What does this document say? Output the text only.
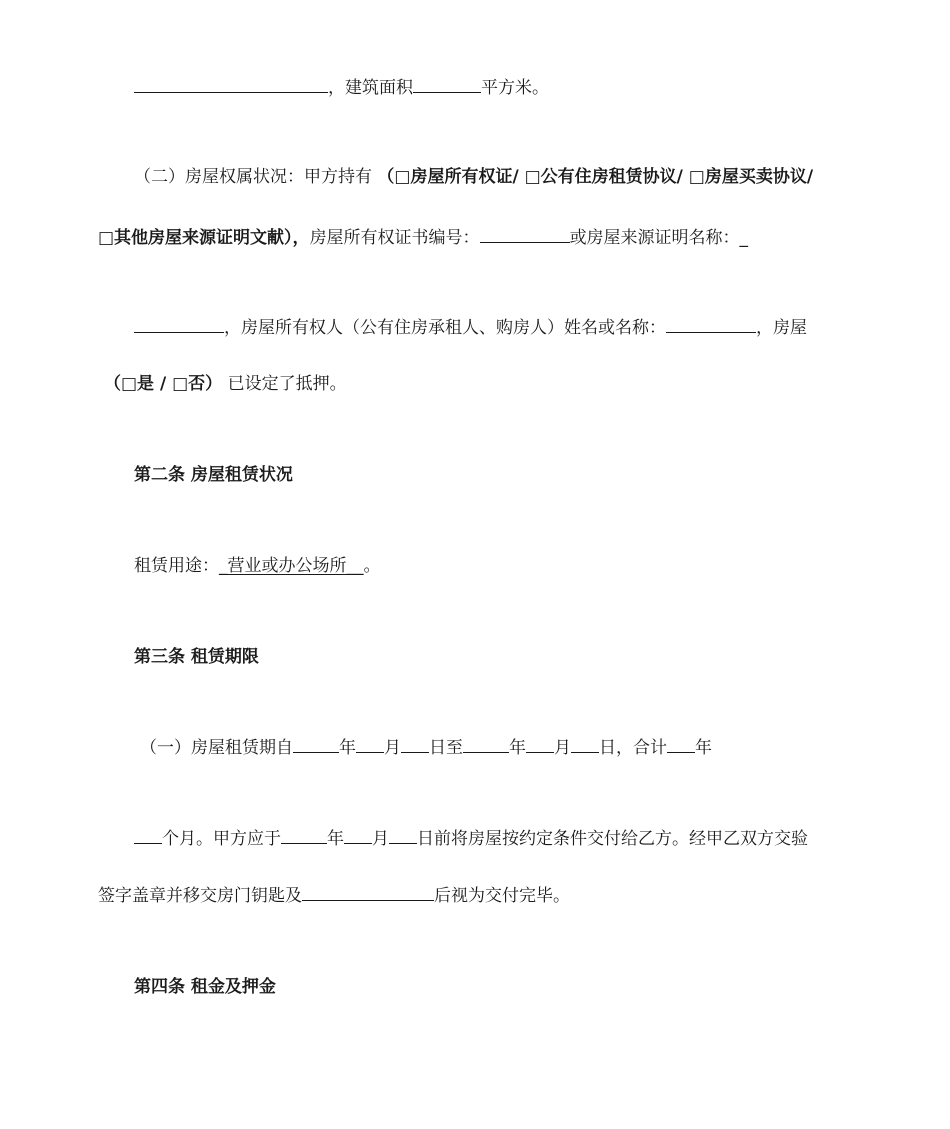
，建筑面积	平方米。
（二）房屋权属状况：甲方持有 （□房屋所有权证/ □公有住房租赁协议/ □房屋买卖协议/
□其他房屋来源证明文献），房屋所有权证书编号：	或房屋来源证明名称：_
，房屋所有权人（公有住房承租人、购房人）姓名或名称：	，房屋
（□是 / □否） 已设定了抵押。
第二条 房屋租赁状况
租赁用途：_营业或办公场所__。
第三条 租赁期限
（一）房屋租赁期自	年 月 日至	年 月 日，合计 年
个月。甲方应于	年 月 日前将房屋按约定条件交付给乙方。经甲乙双方交验
签字盖章并移交房门钥匙及	后视为交付完毕。
第四条 租金及押金
